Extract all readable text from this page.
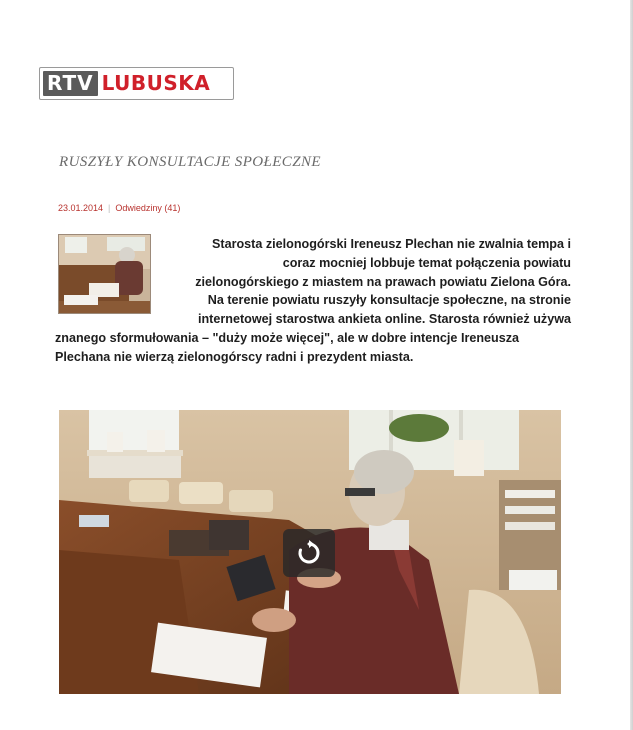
RTV LUBUSKA
RUSZYŁY KONSULTACJE SPOŁECZNE
23.01.2014 | Odwiedziny (41)
Starosta zielonogórski Ireneusz Plechan nie zwalnia tempa i
coraz mocniej lobbuje temat połączenia powiatu
zielonogórskiego z miastem na prawach powiatu Zielona Góra.
Na terenie powiatu ruszyły konsultacje społeczne, na stronie
internetowej starostwa ankieta online. Starosta również używa
znanego sformułowania – "duży może więcej", ale w dobre intencje Ireneusza
Plechana nie wierzą zielonogórscy radni i prezydent miasta.
